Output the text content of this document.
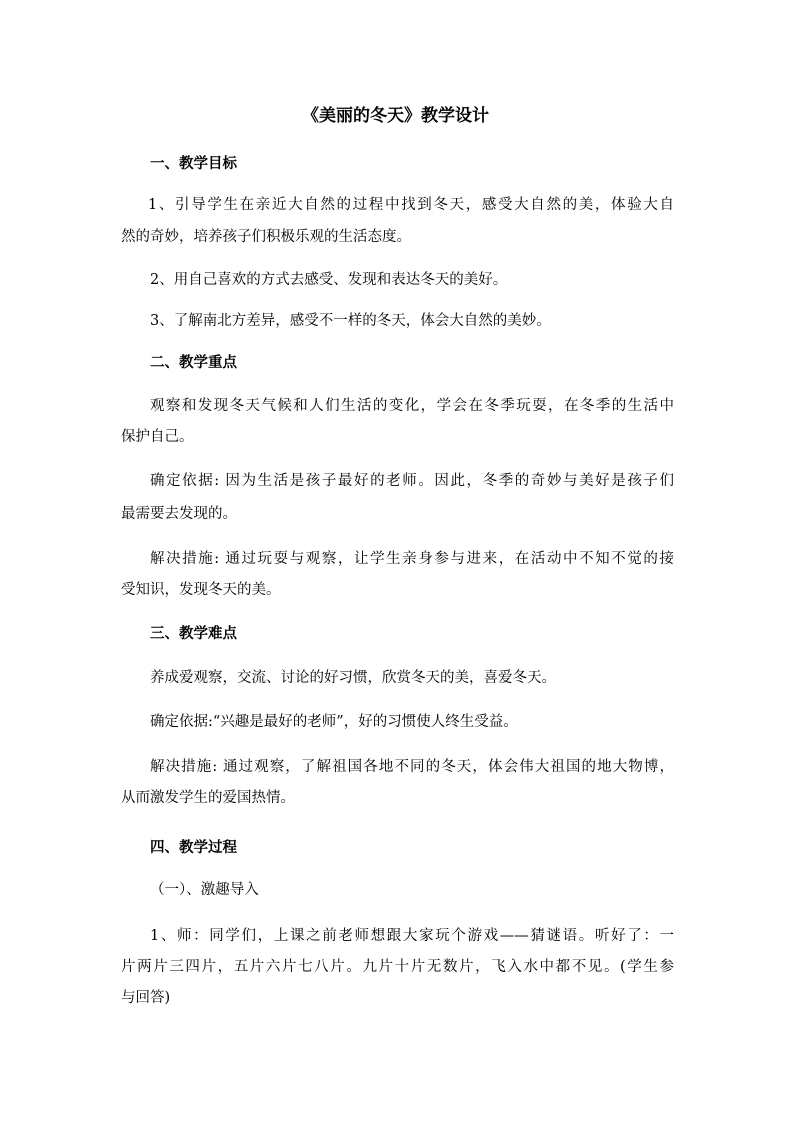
《美丽的冬天》教学设计
一、教学目标
1、引导学生在亲近大自然的过程中找到冬天，感受大自然的美，体验大自
然的奇妙，培养孩子们积极乐观的生活态度。
2、用自己喜欢的方式去感受、发现和表达冬天的美好。
3、了解南北方差异，感受不一样的冬天，体会大自然的美妙。
二、教学重点
观察和发现冬天气候和人们生活的变化，学会在冬季玩耍，在冬季的生活中
保护自己。
确定依据: 因为生活是孩子最好的老师。因此，冬季的奇妙与美好是孩子们
最需要去发现的。
解决措施: 通过玩耍与观察，让学生亲身参与进来，在活动中不知不觉的接
受知识，发现冬天的美。
三、教学难点
养成爱观察，交流、讨论的好习惯，欣赏冬天的美，喜爱冬天。
确定依据:“兴趣是最好的老师”，好的习惯使人终生受益。
解决措施: 通过观察，了解祖国各地不同的冬天，体会伟大祖国的地大物博，
从而激发学生的爱国热情。
四、教学过程
（一）、激趣导入
1、师：同学们，上课之前老师想跟大家玩个游戏——猜谜语。听好了：一
片两片三四片，五片六片七八片。九片十片无数片，飞入水中都不见。(学生参
与回答)
